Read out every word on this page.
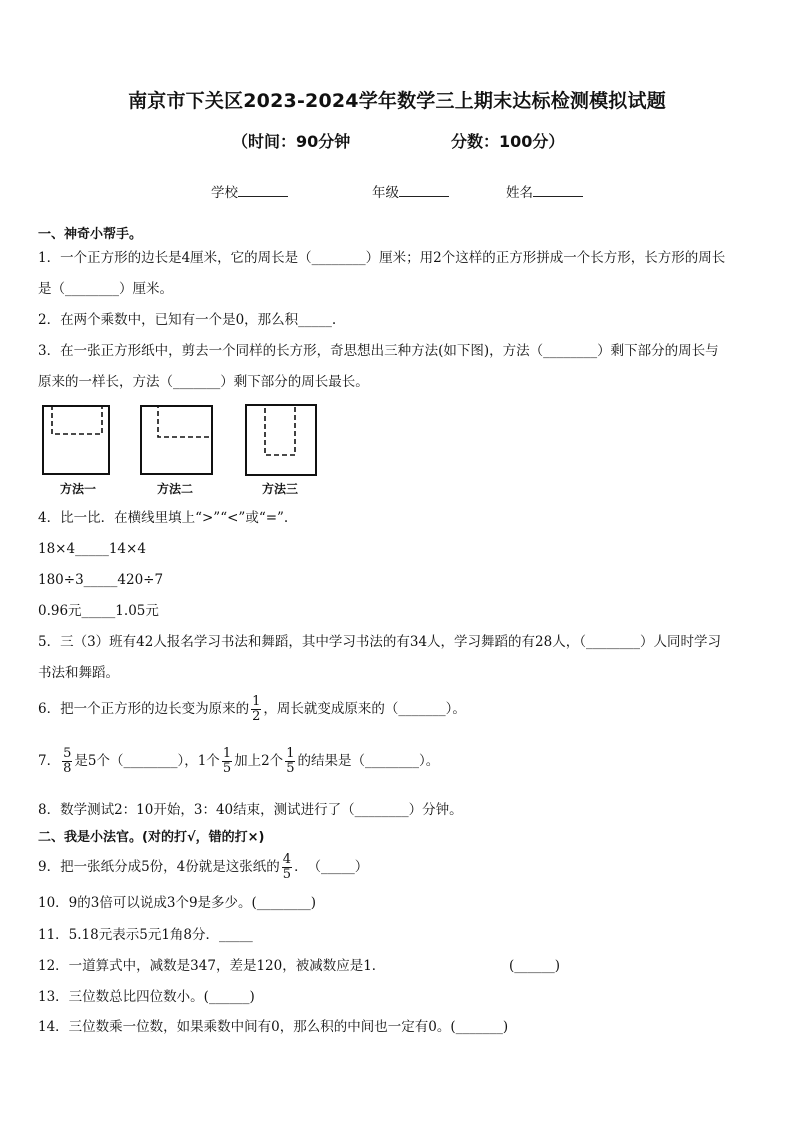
南京市下关区2023-2024学年数学三上期末达标检测模拟试题
（时间：90分钟	分数：100分）
学校	年级	姓名
一、神奇小帮手。
1．一个正方形的边长是4厘米，它的周长是（________）厘米；用2个这样的正方形拼成一个长方形，长方形的周长
是（________）厘米。
2．在两个乘数中，已知有一个是0，那么积_____.
3．在一张正方形纸中，剪去一个同样的长方形，奇思想出三种方法(如下图)，方法（________）剩下部分的周长与
原来的一样长，方法（_______）剩下部分的周长最长。
方法一	方法二	方法三
4．比一比．在横线里填上“>”“<”或“=”.
18×4_____14×4
180÷3_____420÷7
0.96元_____1.05元
5．三（3）班有42人报名学习书法和舞蹈，其中学习书法的有34人，学习舞蹈的有28人，（________）人同时学习
书法和舞蹈。
6．把一个正方形的边长变为原来的 $\frac{1}{2}$ ，周长就变成原来的（_______）。
7． $\frac{5}{8}$ 是5个（________），1个 $\frac{1}{5}$ 加上2个 $\frac{1}{5}$ 的结果是（________）。
8．数学测试2：10开始，3：40结束，测试进行了（________）分钟。
二、我是小法官。(对的打√，错的打×)
9．把一张纸分成5份，4份就是这张纸的 $\frac{4}{5}$ ．　（_____）
10．9的3倍可以说成3个9是多少。(________)
11．5.18元表示5元1角8分．_____
12．一道算式中，减数是347，差是120，被减数应是1．	(______)
13．三位数总比四位数小。(______)
14．三位数乘一位数，如果乘数中间有0，那么积的中间也一定有0。(_______)
